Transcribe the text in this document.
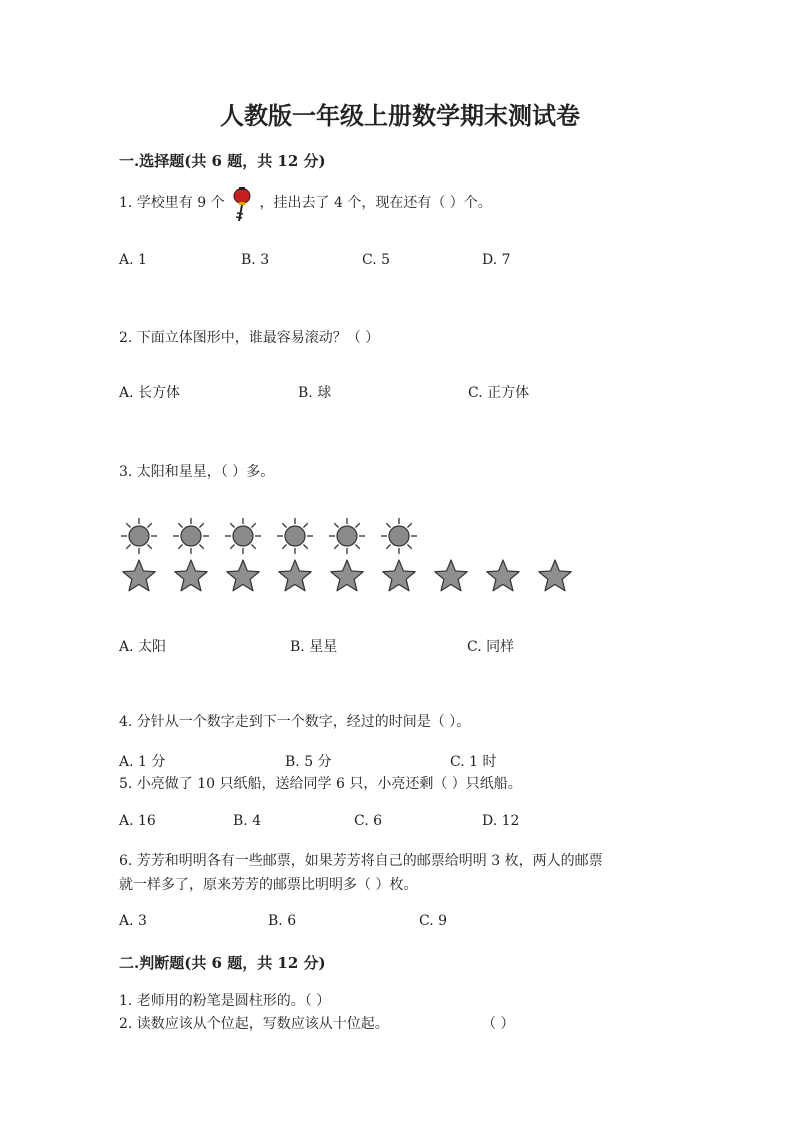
人教版一年级上册数学期末测试卷
一.选择题(共 6 题，共 12 分)
1. 学校里有 9 个 ，挂出去了 4 个，现在还有（ ）个。
A. 1	B. 3	C. 5	D. 7
2. 下面立体图形中，谁最容易滚动？（ ）
A. 长方体	B. 球	C. 正方体
3. 太阳和星星，（ ）多。
A. 太阳	B. 星星	C. 同样
4. 分针从一个数字走到下一个数字，经过的时间是（ ）。
A. 1 分	B. 5 分	C. 1 时
5. 小亮做了 10 只纸船，送给同学 6 只，小亮还剩（ ）只纸船。
A. 16	B. 4	C. 6	D. 12
6. 芳芳和明明各有一些邮票，如果芳芳将自己的邮票给明明 3 枚，两人的邮票
就一样多了，原来芳芳的邮票比明明多（ ）枚。
A. 3	B. 6	C. 9
二.判断题(共 6 题，共 12 分)
1. 老师用的粉笔是圆柱形的。（ ）
2. 读数应该从个位起，写数应该从十位起。	（ ）
